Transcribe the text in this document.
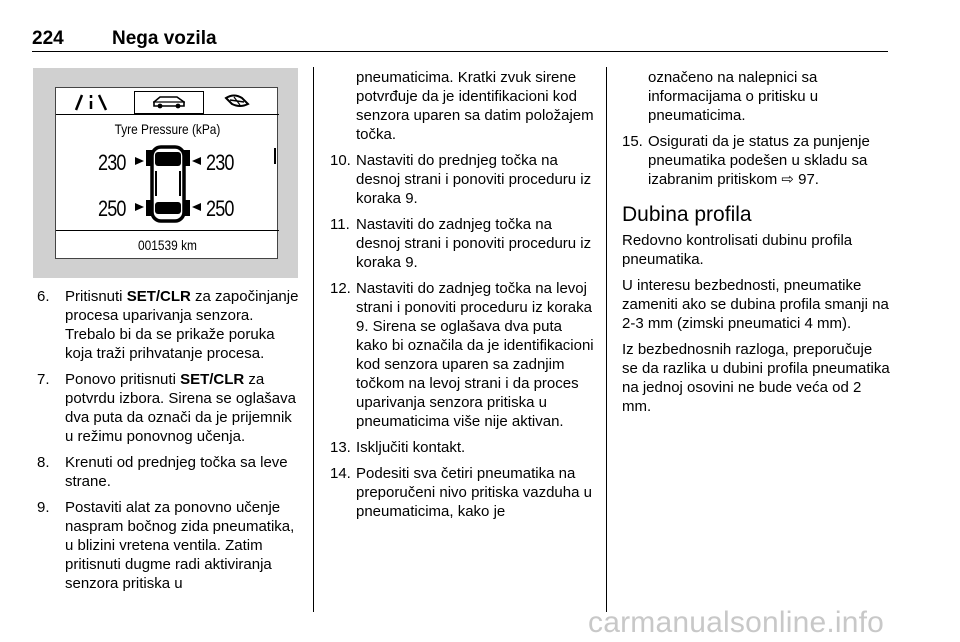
224	Nega vozila
Tyre Pressure (kPa)
230	230
250	250
001539 km
6. Pritisnuti SET/CLR za započinjanje procesa uparivanja senzora. Trebalo bi da se prikaže poruka koja traži prihvatanje procesa.
7. Ponovo pritisnuti SET/CLR za potvrdu izbora. Sirena se oglašava dva puta da označi da je prijemnik u režimu ponovnog učenja.
8. Krenuti od prednjeg točka sa leve strane.
9. Postaviti alat za ponovno učenje naspram bočnog zida pneumatika, u blizini vretena ventila. Zatim pritisnuti dugme radi aktiviranja senzora pritiska u
pneumaticima. Kratki zvuk sirene potvrđuje da je identifikacioni kod senzora uparen sa datim položajem točka.
10. Nastaviti do prednjeg točka na desnoj strani i ponoviti proceduru iz koraka 9.
11. Nastaviti do zadnjeg točka na desnoj strani i ponoviti proceduru iz koraka 9.
12. Nastaviti do zadnjeg točka na levoj strani i ponoviti proceduru iz koraka 9. Sirena se oglašava dva puta kako bi označila da je identifikacioni kod senzora uparen sa zadnjim točkom na levoj strani i da proces uparivanja senzora pritiska u pneumaticima više nije aktivan.
13. Isključiti kontakt.
14. Podesiti sva četiri pneumatika na preporučeni nivo pritiska vazduha u pneumaticima, kako je
označeno na nalepnici sa informacijama o pritisku u pneumaticima.
15. Osigurati da je status za punjenje pneumatika podešen u skladu sa izabranim pritiskom ⇨ 97.
Dubina profila
Redovno kontrolisati dubinu profila pneumatika.
U interesu bezbednosti, pneumatike zameniti ako se dubina profila smanji na 2-3 mm (zimski pneumatici 4 mm).
Iz bezbednosnih razloga, preporučuje se da razlika u dubini profila pneumatika na jednoj osovini ne bude veća od 2 mm.
carmanualsonline.info
